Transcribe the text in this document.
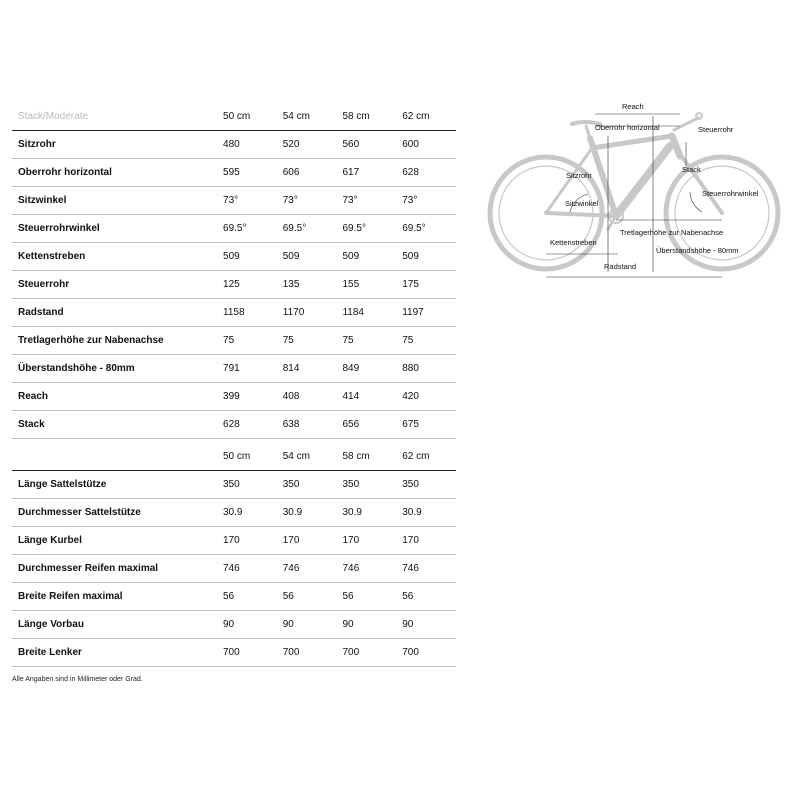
Stack/Moderate	50 cm	54 cm	58 cm	62 cm
Sitzrohr	480	520	560	600
Oberrohr horizontal	595	606	617	628
Sitzwinkel	73°	73°	73°	73°
Steuerrohrwinkel	69.5°	69.5°	69.5°	69.5°
Kettenstreben	509	509	509	509
Steuerrohr	125	135	155	175
Radstand	1158	1170	1184	1197
Tretlagerhöhe zur Nabenachse	75	75	75	75
Überstandshöhe - 80mm	791	814	849	880
Reach	399	408	414	420
Stack	628	638	656	675
	50 cm	54 cm	58 cm	62 cm
Länge Sattelstütze	350	350	350	350
Durchmesser Sattelstütze	30.9	30.9	30.9	30.9
Länge Kurbel	170	170	170	170
Durchmesser Reifen maximal	746	746	746	746
Breite Reifen maximal	56	56	56	56
Länge Vorbau	90	90	90	90
Breite Lenker	700	700	700	700
Alle Angaben sind in Millimeter oder Grad.
Reach
Oberrohr horizontal	Steuerrohr
Sitzrohr
Stack
Steuerrohrwinkel
Sitzwinkel
Tretlagerhöhe zur Nabenachse
Kettenstreben
Überstandshöhe - 80mm
Radstand
